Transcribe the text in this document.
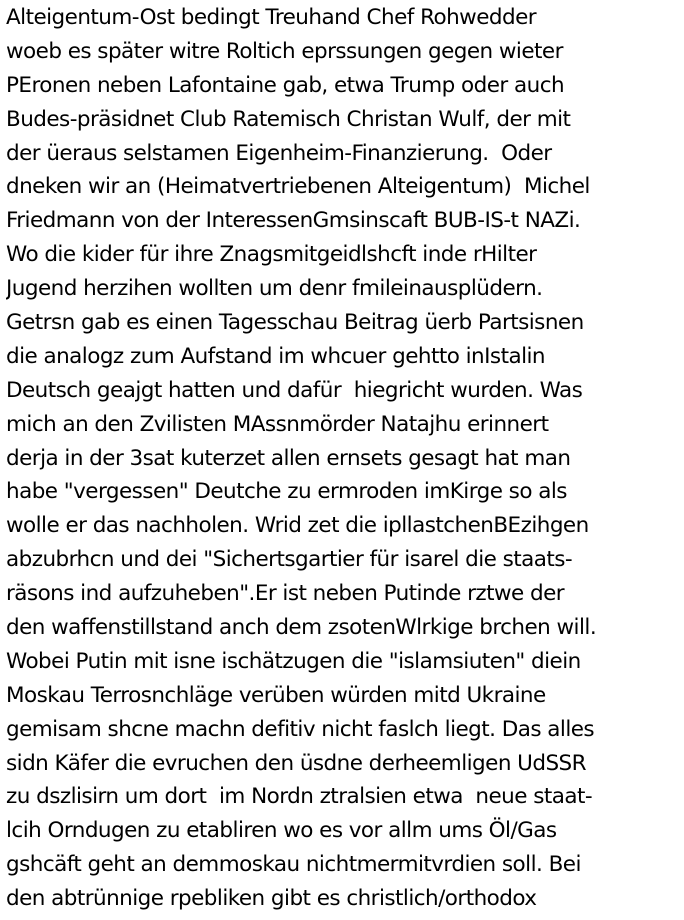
Alteigentum-Ost bedingt Treuhand Chef Rohwedder
woeb es später witre Roltich eprssungen gegen wieter
PEronen neben Lafontaine gab, etwa Trump oder auch
Budes-präsidnet Club Ratemisch Christan Wulf, der mit
der üeraus selstamen Eigenheim-Finanzierung.  Oder
dneken wir an (Heimatvertriebenen Alteigentum)  Michel
Friedmann von der InteressenGmsinscaft BUB-IS-t NAZi.
Wo die kider für ihre Znagsmitgeidlshcft inde rHilter
Jugend herzihen wollten um denr fmileinausplüdern.
Getrsn gab es einen Tagesschau Beitrag üerb Partsisnen
die analogz zum Aufstand im whcuer gehtto inIstalin
Deutsch geajgt hatten und dafür  hiegricht wurden. Was
mich an den Zvilisten MAssnmörder Natajhu erinnert
derja in der 3sat kuterzet allen ernsets gesagt hat man
habe "vergessen" Deutche zu ermroden imKirge so als
wolle er das nachholen. Wrid zet die ipllastchenBEzihgen
abzubrhcn und dei "Sichertsgartier für isarel die staats-
räsons ind aufzuheben".Er ist neben Putinde rztwe der
den waffenstillstand anch dem zsotenWlrkige brchen will.
Wobei Putin mit isne ischätzugen die "islamsiuten" diein
Moskau Terrosnchläge verüben würden mitd Ukraine
gemisam shcne machn defitiv nicht faslch liegt. Das alles
sidn Käfer die evruchen den üsdne derheemligen UdSSR
zu dszlisirn um dort  im Nordn ztralsien etwa  neue staat-
lcih Orndugen zu etabliren wo es vor allm ums Öl/Gas
gshcäft geht an demmoskau nichtmermitvrdien soll. Bei
den abtrünnige rpebliken gibt es christlich/orthodox
